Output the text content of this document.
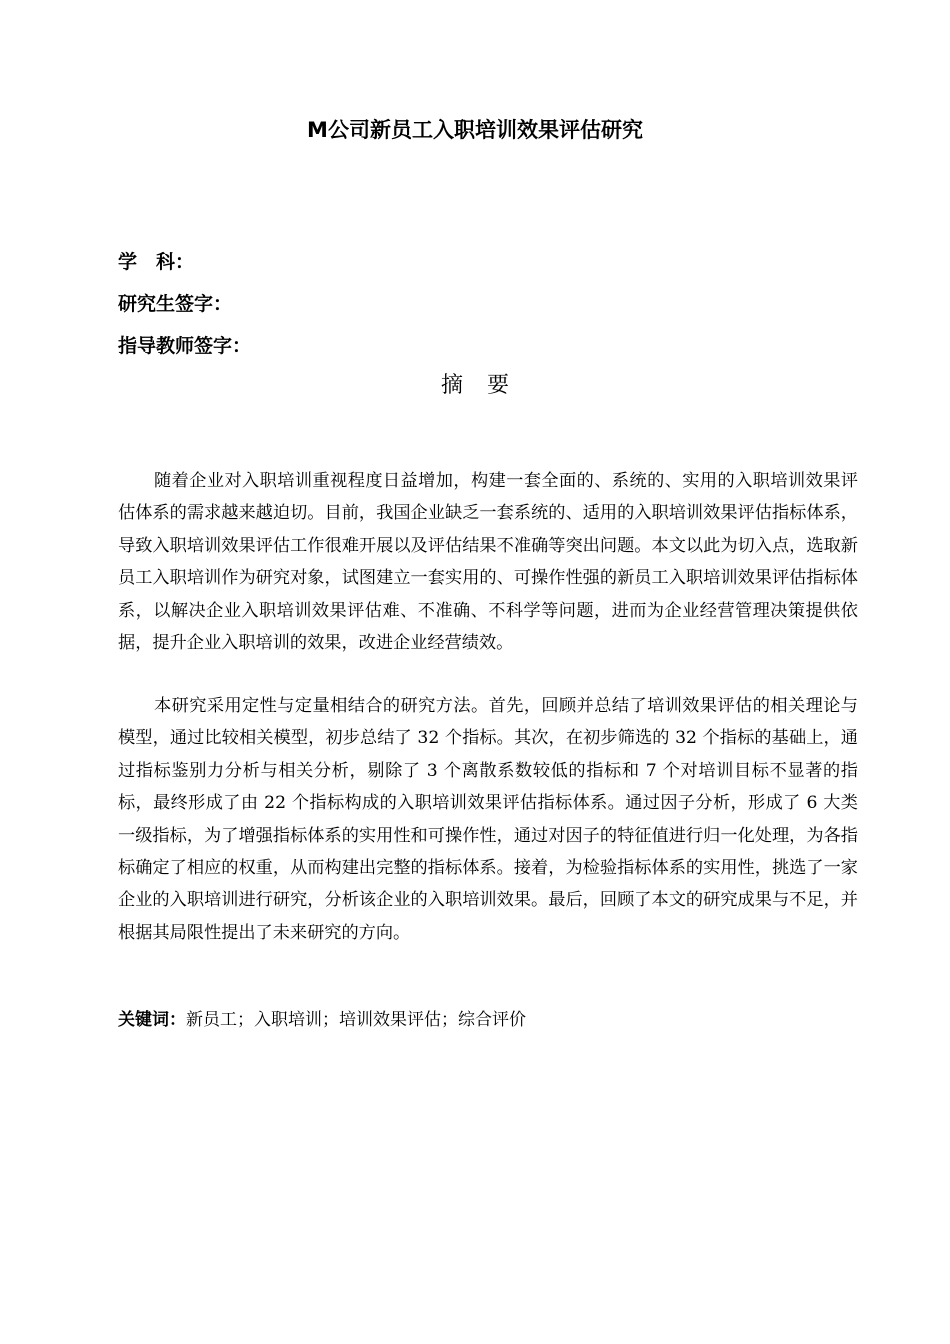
M公司新员工入职培训效果评估研究
学科：
研究生签字：
指导教师签字：
摘要

随着企业对入职培训重视程度日益增加，构建一套全面的、系统的、实用的入职培训效果评估体系的需求越来越迫切。目前，我国企业缺乏一套系统的、适用的入职培训效果评估指标体系，导致入职培训效果评估工作很难开展以及评估结果不准确等突出问题。本文以此为切入点，选取新员工入职培训作为研究对象，试图建立一套实用的、可操作性强的新员工入职培训效果评估指标体系，以解决企业入职培训效果评估难、不准确、不科学等问题，进而为企业经营管理决策提供依据，提升企业入职培训的效果，改进企业经营绩效。

本研究采用定性与定量相结合的研究方法。首先，回顾并总结了培训效果评估的相关理论与模型，通过比较相关模型，初步总结了 32 个指标。其次，在初步筛选的 32 个指标的基础上，通过指标鉴别力分析与相关分析，剔除了 3 个离散系数较低的指标和 7 个对培训目标不显著的指标，最终形成了由 22 个指标构成的入职培训效果评估指标体系。通过因子分析，形成了 6 大类一级指标，为了增强指标体系的实用性和可操作性，通过对因子的特征值进行归一化处理，为各指标确定了相应的权重，从而构建出完整的指标体系。接着，为检验指标体系的实用性，挑选了一家企业的入职培训进行研究，分析该企业的入职培训效果。最后，回顾了本文的研究成果与不足，并根据其局限性提出了未来研究的方向。

关键词：新员工；入职培训；培训效果评估；综合评价
